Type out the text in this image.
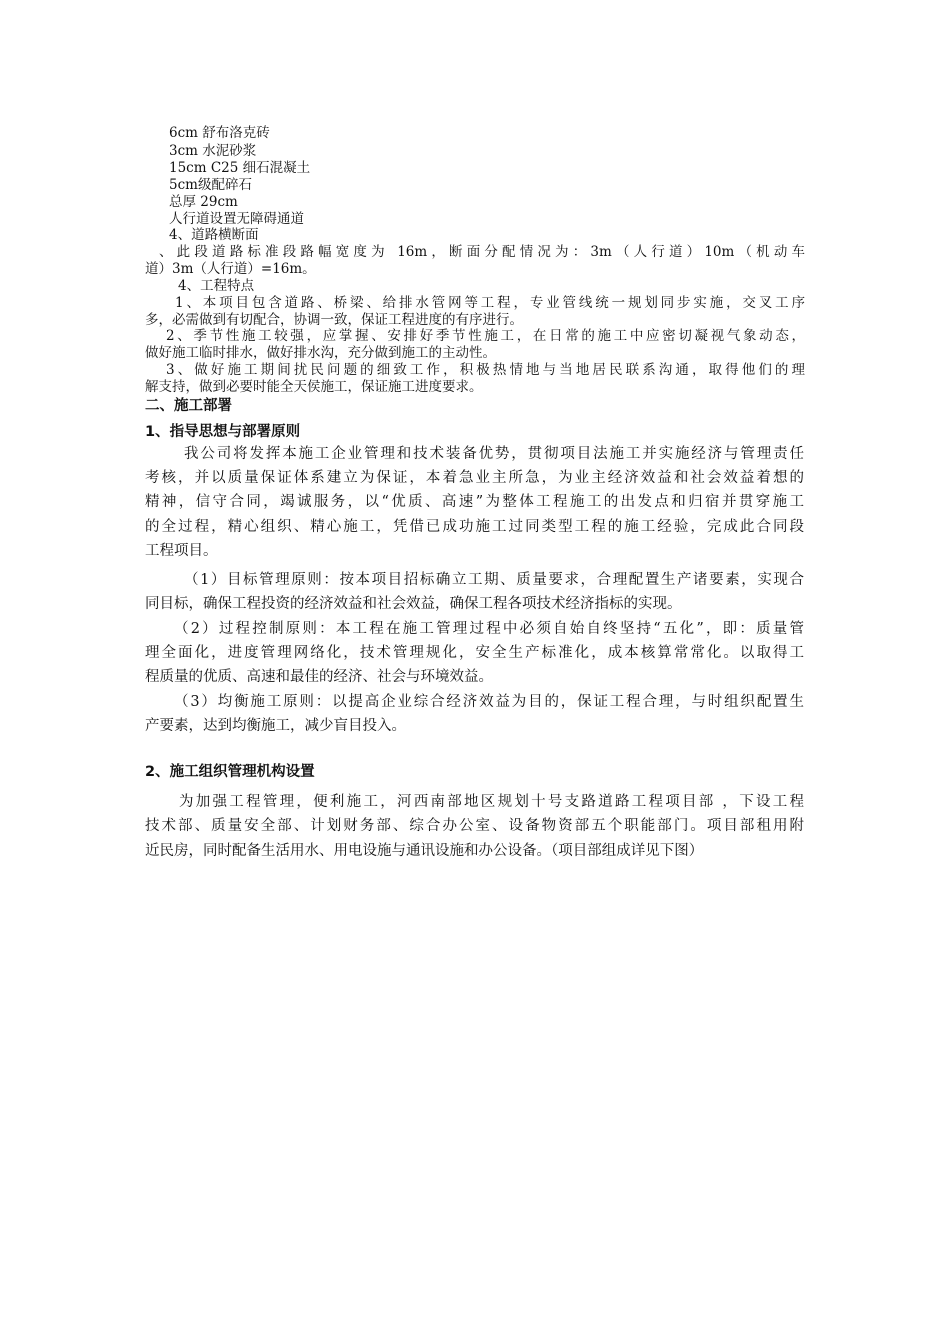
6cm 舒布洛克砖
3cm 水泥砂浆
15cm C25 细石混凝土
5cm级配碎石
总厚 29cm
人行道设置无障碍通道
4、道路横断面
、此段道路标准段路幅宽度为 16m，断面分配情况为：3m（人行道）10m（机动车
道）3m（人行道）=16m。
4、工程特点
1、本项目包含道路、桥梁、给排水管网等工程，专业管线统一规划同步实施，交叉工序
多，必需做到有切配合，协调一致，保证工程进度的有序进行。
2、季节性施工较强，应掌握、安排好季节性施工，在日常的施工中应密切凝视气象动态，
做好施工临时排水，做好排水沟，充分做到施工的主动性。
3、做好施工期间扰民问题的细致工作，积极热情地与当地居民联系沟通，取得他们的理
解支持，做到必要时能全天侯施工，保证施工进度要求。
二、施工部署
1、指导思想与部署原则
我公司将发挥本施工企业管理和技术装备优势，贯彻项目法施工并实施经济与管理责任
考核，并以质量保证体系建立为保证，本着急业主所急，为业主经济效益和社会效益着想的
精神，信守合同，竭诚服务，以“优质、高速”为整体工程施工的出发点和归宿并贯穿施工
的全过程，精心组织、精心施工，凭借已成功施工过同类型工程的施工经验，完成此合同段
工程项目。
（1）目标管理原则：按本项目招标确立工期、质量要求，合理配置生产诸要素，实现合
同目标，确保工程投资的经济效益和社会效益，确保工程各项技术经济指标的实现。
（2）过程控制原则：本工程在施工管理过程中必须自始自终坚持“五化”，即：质量管
理全面化，进度管理网络化，技术管理规化，安全生产标准化，成本核算常常化。以取得工
程质量的优质、高速和最佳的经济、社会与环境效益。
（3）均衡施工原则：以提高企业综合经济效益为目的，保证工程合理，与时组织配置生
产要素，达到均衡施工，减少盲目投入。
2、施工组织管理机构设置
为加强工程管理，便利施工，河西南部地区规划十号支路道路工程项目部 ，下设工程
技术部、质量安全部、计划财务部、综合办公室、设备物资部五个职能部门。项目部租用附
近民房，同时配备生活用水、用电设施与通讯设施和办公设备。（项目部组成详见下图）
